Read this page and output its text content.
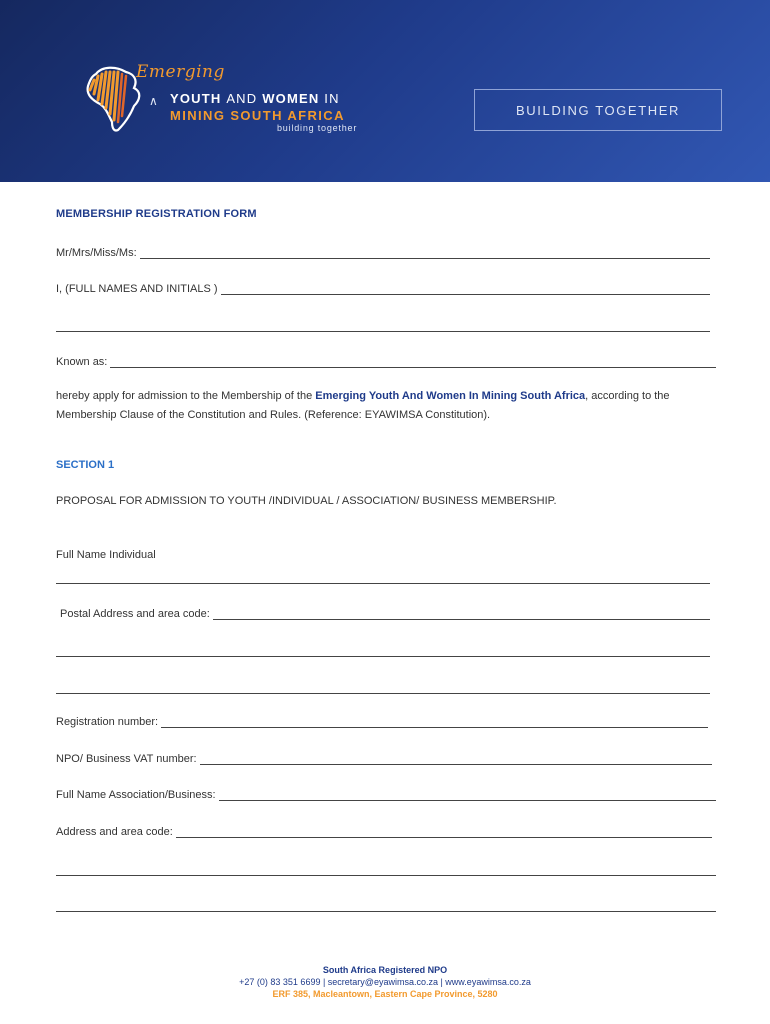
Emerging
∧ YOUTH AND WOMEN IN
MINING SOUTH AFRICA
building together
BUILDING TOGETHER
MEMBERSHIP REGISTRATION FORM
Mr/Mrs/Miss/Ms:
I, (FULL NAMES AND INITIALS )
Known as:
hereby apply for admission to the Membership of the Emerging Youth And Women In Mining South Africa, according to the Membership Clause of the Constitution and Rules. (Reference: EYAWIMSA Constitution).
SECTION 1
PROPOSAL FOR ADMISSION TO YOUTH /INDIVIDUAL / ASSOCIATION/ BUSINESS MEMBERSHIP.
Full Name Individual
Postal Address and area code:
Registration number:
NPO/ Business VAT number:
Full Name Association/Business:
Address and area code:
South Africa Registered NPO
+27 (0) 83 351 6699 | secretary@eyawimsa.co.za | www.eyawimsa.co.za
ERF 385, Macleantown, Eastern Cape Province, 5280
